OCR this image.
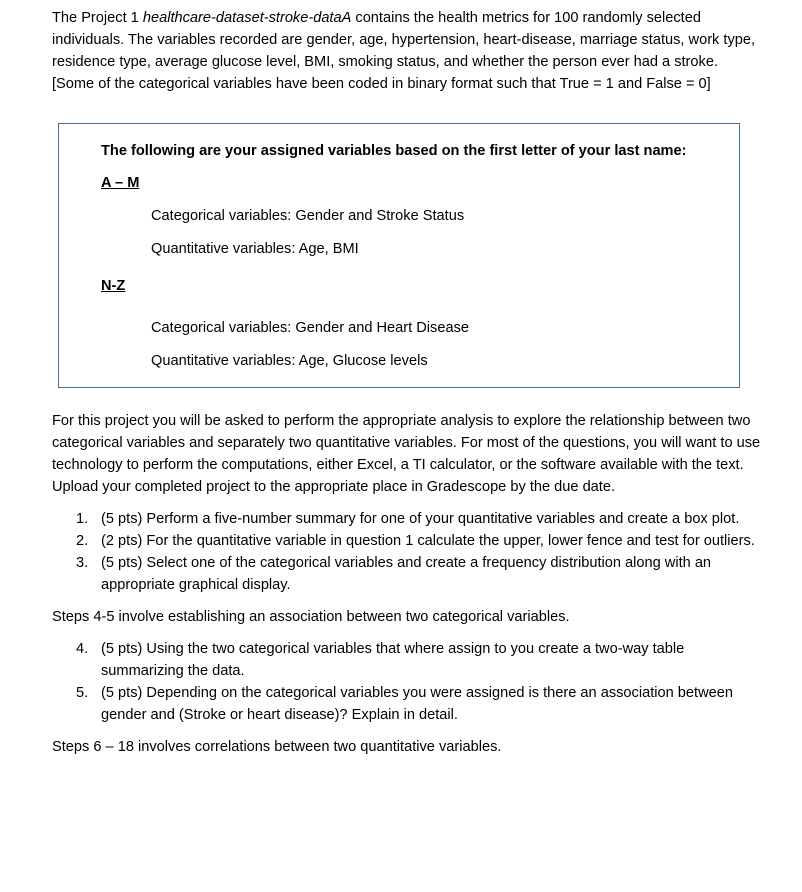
The Project 1 healthcare-dataset-stroke-dataA contains the health metrics for 100 randomly selected individuals. The variables recorded are gender, age, hypertension, heart-disease, marriage status, work type, residence type, average glucose level, BMI, smoking status, and whether the person ever had a stroke. [Some of the categorical variables have been coded in binary format such that True = 1 and False = 0]

The following are your assigned variables based on the first letter of your last name:

A – M

Categorical variables: Gender and Stroke Status

Quantitative variables: Age, BMI

N-Z

Categorical variables: Gender and Heart Disease

Quantitative variables: Age, Glucose levels

For this project you will be asked to perform the appropriate analysis to explore the relationship between two categorical variables and separately two quantitative variables. For most of the questions, you will want to use technology to perform the computations, either Excel, a TI calculator, or the software available with the text. Upload your completed project to the appropriate place in Gradescope by the due date.

1. (5 pts) Perform a five-number summary for one of your quantitative variables and create a box plot.
2. (2 pts) For the quantitative variable in question 1 calculate the upper, lower fence and test for outliers.
3. (5 pts) Select one of the categorical variables and create a frequency distribution along with an appropriate graphical display.

Steps 4-5 involve establishing an association between two categorical variables.

4. (5 pts) Using the two categorical variables that where assign to you create a two-way table summarizing the data.
5. (5 pts) Depending on the categorical variables you were assigned is there an association between gender and (Stroke or heart disease)? Explain in detail.

Steps 6 – 18 involves correlations between two quantitative variables.
